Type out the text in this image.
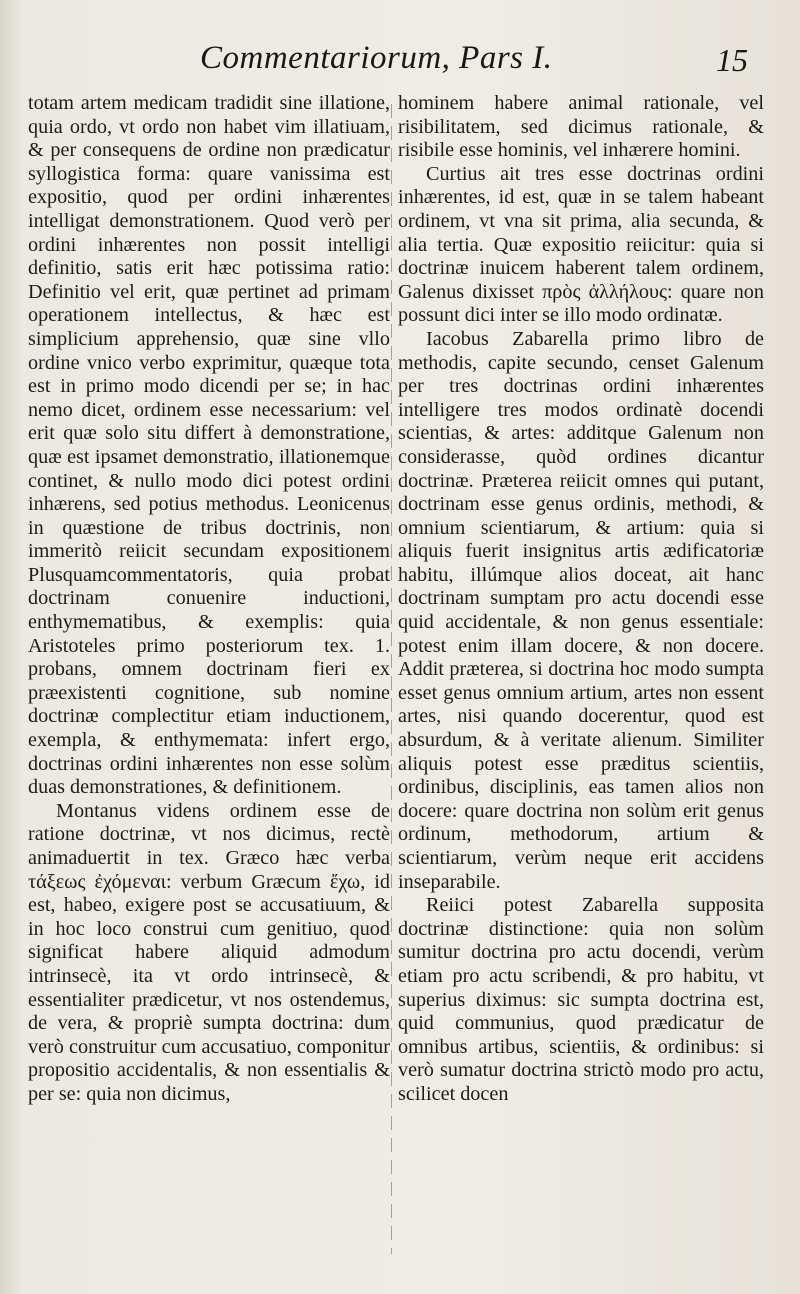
Commentariorum, Pars I.	15

totam artem medicam tradidit sine illatione, quia ordo, vt ordo non habet vim illatiuam, & per consequens de ordine non prædicatur syllogistica forma: quare vanissima est expositio, quod per ordini inhærentes intelligat demonstrationem. Quod verò per ordini inhærentes non possit intelligi definitio, satis erit hæc potissima ratio: Definitio vel erit, quæ pertinet ad primam operationem intellectus, & hæc est simplicium apprehensio, quæ sine vllo ordine vnico verbo exprimitur, quæque tota est in primo modo dicendi per se; in hac nemo dicet, ordinem esse necessarium: vel erit quæ solo situ differt à demonstratione, quæ est ipsamet demonstratio, illationemque continet, & nullo modo dici potest ordini inhærens, sed potius methodus. Leonicenus in quæstione de tribus doctrinis, non immeritò reiicit secundam expositionem Plusquamcommentatoris, quia probat doctrinam conuenire inductioni, enthymematibus, & exemplis: quia Aristoteles primo posteriorum tex. 1. probans, omnem doctrinam fieri ex præexistenti cognitione, sub nomine doctrinæ complectitur etiam inductionem, exempla, & enthymemata: infert ergo, doctrinas ordini inhærentes non esse solùm duas demonstrationes, & definitionem.

Montanus videns ordinem esse de ratione doctrinæ, vt nos dicimus, rectè animaduertit in tex. Græco hæc verba τάξεως ἐχόμεναι: verbum Græcum ἔχω, id est, habeo, exigere post se accusatiuum, & in hoc loco construi cum genitiuo, quod significat habere aliquid admodum intrinsecè, ita vt ordo intrinsecè, & essentialiter prædicetur, vt nos ostendemus, de vera, & propriè sumpta doctrina: dum verò construitur cum accusatiuo, componitur propositio accidentalis, & non essentialis & per se: quia non dicimus,

hominem habere animal rationale, vel risibilitatem, sed dicimus rationale, & risibile esse hominis, vel inhærere homini.

Curtius ait tres esse doctrinas ordini inhærentes, id est, quæ in se talem habeant ordinem, vt vna sit prima, alia secunda, & alia tertia. Quæ expositio reiicitur: quia si doctrinæ inuicem haberent talem ordinem, Galenus dixisset πρὸς ἀλλήλους: quare non possunt dici inter se illo modo ordinatæ.

Iacobus Zabarella primo libro de methodis, capite secundo, censet Galenum per tres doctrinas ordini inhærentes intelligere tres modos ordinatè docendi scientias, & artes: additque Galenum non considerasse, quòd ordines dicantur doctrinæ. Præterea reiicit omnes qui putant, doctrinam esse genus ordinis, methodi, & omnium scientiarum, & artium: quia si aliquis fuerit insignitus artis ædificatoriæ habitu, illúmque alios doceat, ait hanc doctrinam sumptam pro actu docendi esse quid accidentale, & non genus essentiale: potest enim illam docere, & non docere. Addit præterea, si doctrina hoc modo sumpta esset genus omnium artium, artes non essent artes, nisi quando docerentur, quod est absurdum, & à veritate alienum. Similiter aliquis potest esse præditus scientiis, ordinibus, disciplinis, eas tamen alios non docere: quare doctrina non solùm erit genus ordinum, methodorum, artium & scientiarum, verùm neque erit accidens inseparabile.

Reiici potest Zabarella supposita doctrinæ distinctione: quia non solùm sumitur doctrina pro actu docendi, verùm etiam pro actu scribendi, & pro habitu, vt superius diximus: sic sumpta doctrina est, quid communius, quod prædicatur de omnibus artibus, scientiis, & ordinibus: si verò sumatur doctrina strictò modo pro actu, scilicet docen
